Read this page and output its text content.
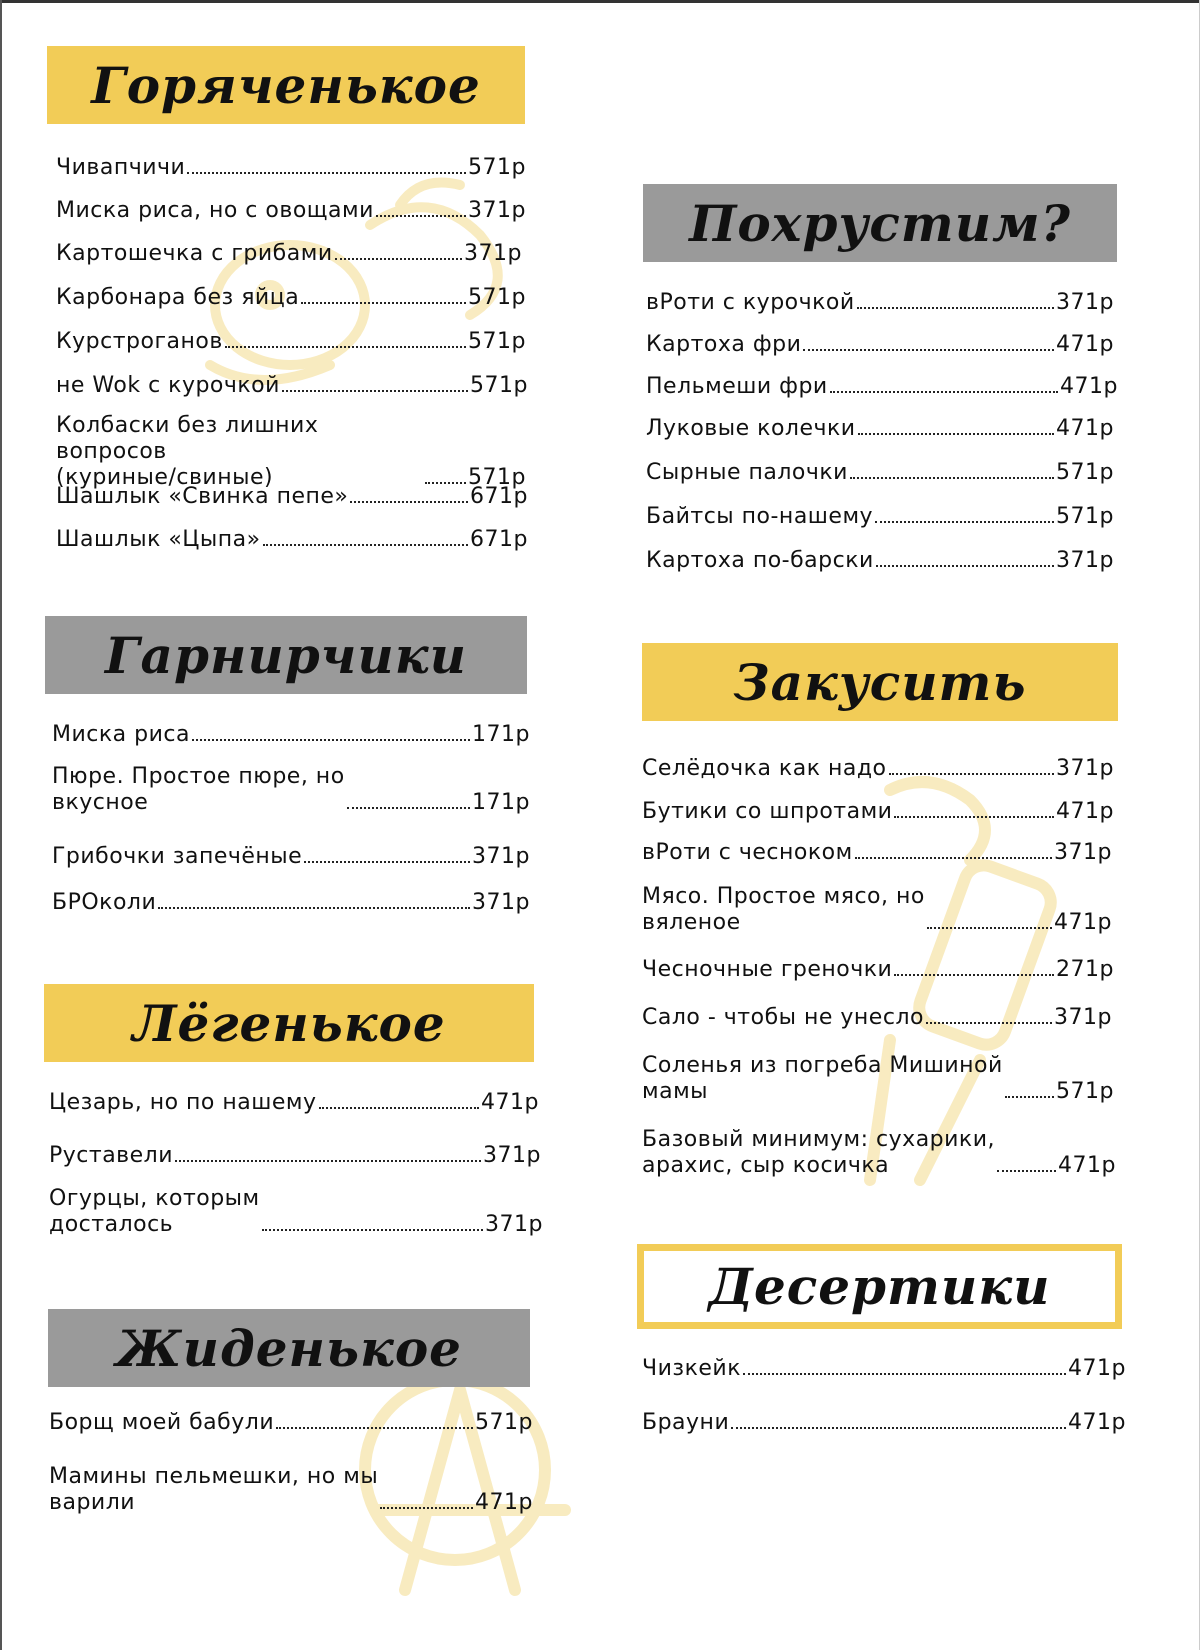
Горяченькое
Чивапчичи	571р
Миска риса, но с овощами	371р
Картошечка с грибами	371р
Карбонара без яйца	571р
Курстроганов	571р
не Wok с курочкой	571р
Колбаски без лишних вопросов
(куриные/свиные)	571р
Шашлык «Свинка пепе»	671р
Шашлык «Цыпа»	671р
Гарнирчики
Миска риса	171р
Пюре. Простое пюре, но
вкусное	171р
Грибочки запечёные	371р
БРОколи	371р
Лёгенькое
Цезарь, но по нашему	471р
Руставели	371р
Огурцы, которым
досталось	371р
Жиденькое
Борщ моей бабули	571р
Мамины пельмешки, но мы
варили	471р
Похрустим?
вРоти с курочкой	371р
Картоха фри	471р
Пельмеши фри	471р
Луковые колечки	471р
Сырные палочки	571р
Байтсы по-нашему	571р
Картоха по-барски	371р
Закусить
Селёдочка как надо	371р
Бутики со шпротами	471р
вРоти с чесноком	371р
Мясо. Простое мясо, но
вяленое	471р
Чесночные греночки	271р
Сало - чтобы не унесло	371р
Соленья из погреба Мишиной
мамы	571р
Базовый минимум: сухарики,
арахис, сыр косичка	471р
Десертики
Чизкейк	471р
Брауни	471р
